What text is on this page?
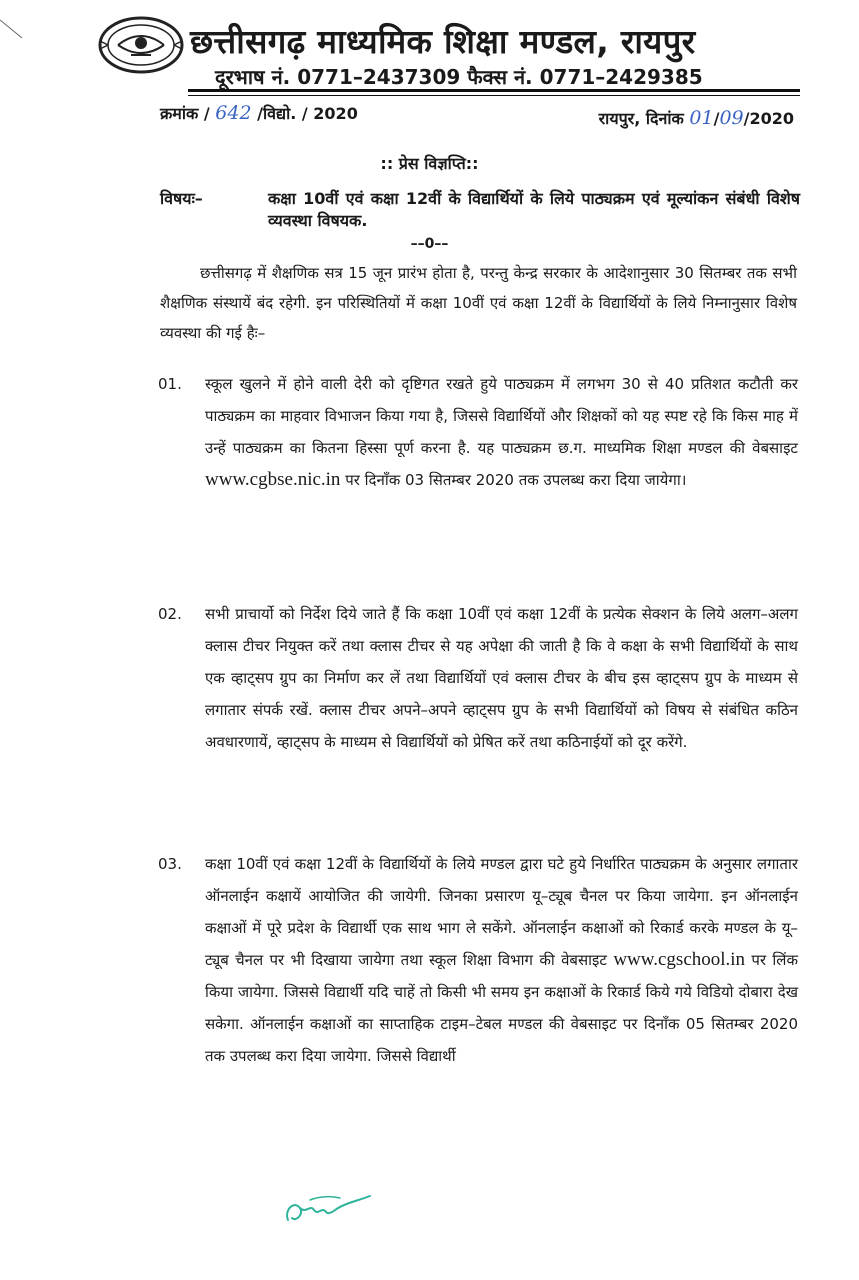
छत्तीसगढ़ माध्यमिक शिक्षा मण्डल, रायपुर
दूरभाष नं. 0771–2437309 फैक्स नं. 0771–2429385
क्रमांक / 642 /विद्यो. / 2020	रायपुर, दिनांक 01/09/2020
:: प्रेस विज्ञप्ति::
विषयः–	कक्षा 10वीं एवं कक्षा 12वीं के विद्यार्थियों के लिये पाठ्यक्रम एवं मूल्यांकन संबंधी विशेष व्यवस्था विषयक.
––0––
छत्तीसगढ़ में शैक्षणिक सत्र 15 जून प्रारंभ होता है, परन्तु केन्द्र सरकार के आदेशानुसार 30 सितम्बर तक सभी शैक्षणिक संस्थायें बंद रहेगी. इन परिस्थितियों में कक्षा 10वीं एवं कक्षा 12वीं के विद्यार्थियों के लिये निम्नानुसार विशेष व्यवस्था की गई हैः–
01.	स्कूल खुलने में होने वाली देरी को दृष्टिगत रखते हुये पाठ्यक्रम में लगभग 30 से 40 प्रतिशत कटौती कर पाठ्यक्रम का माहवार विभाजन किया गया है, जिससे विद्यार्थियों और शिक्षकों को यह स्पष्ट रहे कि किस माह में उन्हें पाठ्यक्रम का कितना हिस्सा पूर्ण करना है. यह पाठ्यक्रम छ.ग. माध्यमिक शिक्षा मण्डल की वेबसाइट www.cgbse.nic.in पर दिनाँक 03 सितम्बर 2020 तक उपलब्ध करा दिया जायेगा।
02.	सभी प्राचार्यो को निर्देश दिये जाते हैं कि कक्षा 10वीं एवं कक्षा 12वीं के प्रत्येक सेक्शन के लिये अलग–अलग क्लास टीचर नियुक्त करें तथा क्लास टीचर से यह अपेक्षा की जाती है कि वे कक्षा के सभी विद्यार्थियों के साथ एक व्हाट्सप ग्रुप का निर्माण कर लें तथा विद्यार्थियों एवं क्लास टीचर के बीच इस व्हाट्सप ग्रुप के माध्यम से लगातार संपर्क रखें. क्लास टीचर अपने–अपने व्हाट्सप ग्रुप के सभी विद्यार्थियों को विषय से संबंधित कठिन अवधारणायें, व्हाट्सप के माध्यम से विद्यार्थियों को प्रेषित करें तथा कठिनाईयों को दूर करेंगे.
03.	कक्षा 10वीं एवं कक्षा 12वीं के विद्यार्थियों के लिये मण्डल द्वारा घटे हुये निर्धारित पाठ्यक्रम के अनुसार लगातार ऑनलाईन कक्षायें आयोजित की जायेगी. जिनका प्रसारण यू–ट्यूब चैनल पर किया जायेगा. इन ऑनलाईन कक्षाओं में पूरे प्रदेश के विद्यार्थी एक साथ भाग ले सकेंगे. ऑनलाईन कक्षाओं को रिकार्ड करके मण्डल के यू–ट्यूब चैनल पर भी दिखाया जायेगा तथा स्कूल शिक्षा विभाग की वेबसाइट www.cgschool.in पर लिंक किया जायेगा. जिससे विद्यार्थी यदि चाहें तो किसी भी समय इन कक्षाओं के रिकार्ड किये गये विडियो दोबारा देख सकेगा. ऑनलाईन कक्षाओं का साप्ताहिक टाइम–टेबल मण्डल की वेबसाइट पर दिनाँक 05 सितम्बर 2020 तक उपलब्ध करा दिया जायेगा. जिससे विद्यार्थी
